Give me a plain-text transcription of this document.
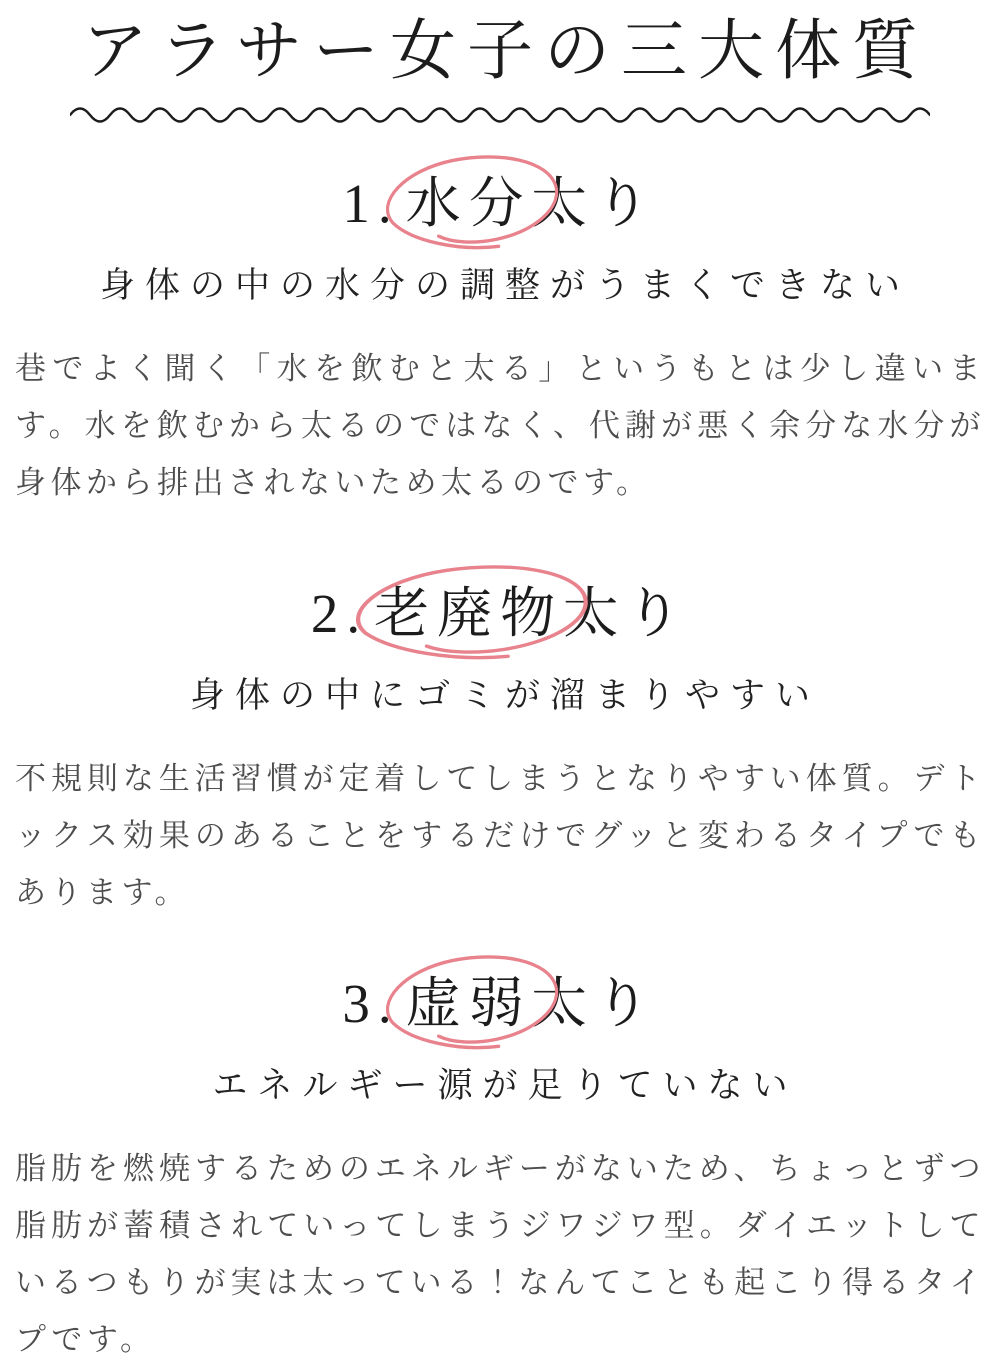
アラサー女子の三大体質
1. 水分太り

身体の中の水分の調整がうまくできない

巷でよく聞く「水を飲むと太る」というもとは少し違います。水を飲むから太るのではなく、代謝が悪く余分な水分が身体から排出されないため太るのです。

2. 老廃物太り

身体の中にゴミが溜まりやすい

不規則な生活習慣が定着してしまうとなりやすい体質。デトックス効果のあることをするだけでグッと変わるタイプでもあります。

3. 虚弱太り

エネルギー源が足りていない

脂肪を燃焼するためのエネルギーがないため、ちょっとずつ脂肪が蓄積されていってしまうジワジワ型。ダイエットしているつもりが実は太っている！なんてことも起こり得るタイプです。
